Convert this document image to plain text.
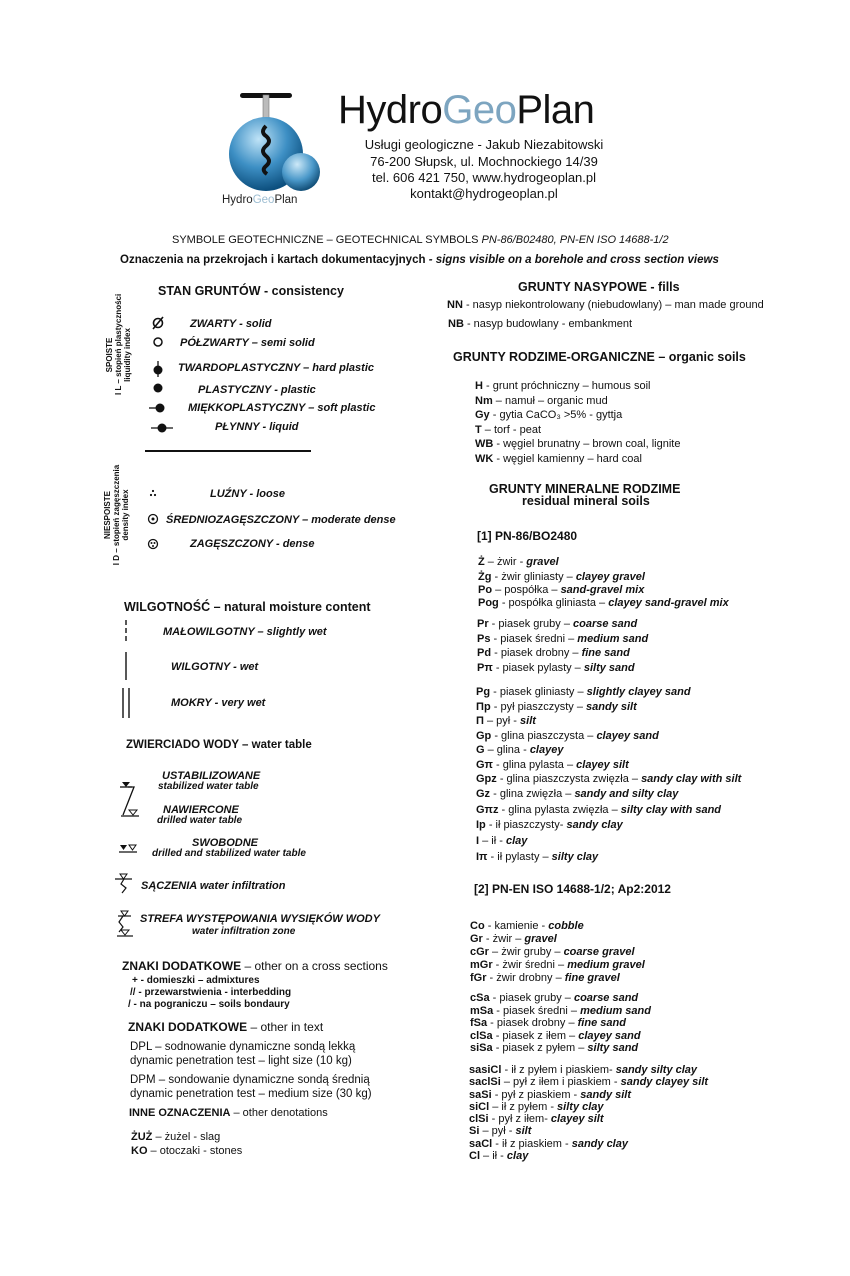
HydroGeoPlan
HydroGeoPlan
Usługi geologiczne - Jakub Niezabitowski
76-200 Słupsk, ul. Mochnockiego 14/39
tel. 606 421 750, www.hydrogeoplan.pl
kontakt@hydrogeoplan.pl
SYMBOLE GEOTECHNICZNE – GEOTECHNICAL SYMBOLS PN-86/B02480, PN-EN ISO 14688-1/2
Oznaczenia na przekrojach i kartach dokumentacyjnych - signs visible on a borehole and cross section views
STAN GRUNTÓW - consistency
SPOISTE I L – stopień plastyczności liquidity index
ZWARTY - solid
PÓŁZWARTY – semi solid
TWARDOPLASTYCZNY – hard plastic
PLASTYCZNY - plastic
MIĘKKOPLASTYCZNY – soft plastic
PŁYNNY - liquid
NIESPOISTE I D – stopień zagęszczenia density index	LUŹNY - loose
ŚREDNIOZAGĘSZCZONY – moderate dense
ZAGĘSZCZONY - dense
WILGOTNOŚĆ – natural moisture content
MAŁOWILGOTNY – slightly wet
WILGOTNY - wet
MOKRY - very wet
ZWIERCIADO WODY – water table
USTABILIZOWANE
stabilized water table
NAWIERCONE
drilled water table
SWOBODNE
drilled and stabilized water table
SĄCZENIA water infiltration
STREFA WYSTĘPOWANIA WYSIĘKÓW WODY
water infiltration zone
ZNAKI DODATKOWE – other on a cross sections
+ - domieszki – admixtures
// - przewarstwienia - interbedding
/ - na pograniczu – soils bondaury
ZNAKI DODATKOWE – other in text
DPL – sodnowanie dynamiczne sondą lekką
dynamic penetration test – light size (10 kg)
DPM – sondowanie dynamiczne sondą średnią
dynamic penetration test – medium size (30 kg)
INNE OZNACZENIA – other denotations
ŻUŻ – żużel - slag
KO – otoczaki - stones
GRUNTY NASYPOWE - fills
NN - nasyp niekontrolowany (niebudowlany) – man made ground
NB - nasyp budowlany - embankment
GRUNTY RODZIME-ORGANICZNE – organic soils
H - grunt próchniczny – humous soil
Nm – namuł – organic mud
Gy - gytia CaCO₃ >5% - gyttja
T – torf - peat
WB - węgiel brunatny – brown coal, lignite
WK - węgiel kamienny – hard coal
GRUNTY MINERALNE RODZIME
residual mineral soils
[1] PN-86/BO2480
Ż – żwir - gravel
Żg - żwir gliniasty – clayey gravel
Po – pospółka – sand-gravel mix
Pog - pospółka gliniasta – clayey sand-gravel mix
Pr - piasek gruby – coarse sand
Ps - piasek średni – medium sand
Pd - piasek drobny – fine sand
Pπ - piasek pylasty – silty sand
Pg - piasek gliniasty – slightly clayey sand
Πp - pył piaszczysty – sandy silt
Π – pył - silt
Gp - glina piaszczysta – clayey sand
G – glina - clayey
Gπ - glina pylasta – clayey silt
Gpz - glina piaszczysta zwięzła – sandy clay with silt
Gz - glina zwięzła – sandy and silty clay
Gπz - glina pylasta zwięzła – silty clay with sand
Ip - ił piaszczysty- sandy clay
I – ił - clay
Iπ - ił pylasty – silty clay
[2] PN-EN ISO 14688-1/2; Ap2:2012
Co - kamienie - cobble
Gr - żwir – gravel
cGr – żwir gruby – coarse gravel
mGr - żwir średni – medium gravel
fGr - żwir drobny – fine gravel
cSa - piasek gruby – coarse sand
mSa - piasek średni – medium sand
fSa - piasek drobny – fine sand
clSa - piasek z iłem – clayey sand
siSa - piasek z pyłem – silty sand
sasiCl - ił z pyłem i piaskiem- sandy silty clay
saclSi – pył z iłem i piaskiem - sandy clayey silt
saSi - pył z piaskiem - sandy silt
siCl – ił z pyłem - silty clay
clSi - pył z iłem- clayey silt
Si – pył - silt
saCl - ił z piaskiem - sandy clay
Cl – ił - clay
